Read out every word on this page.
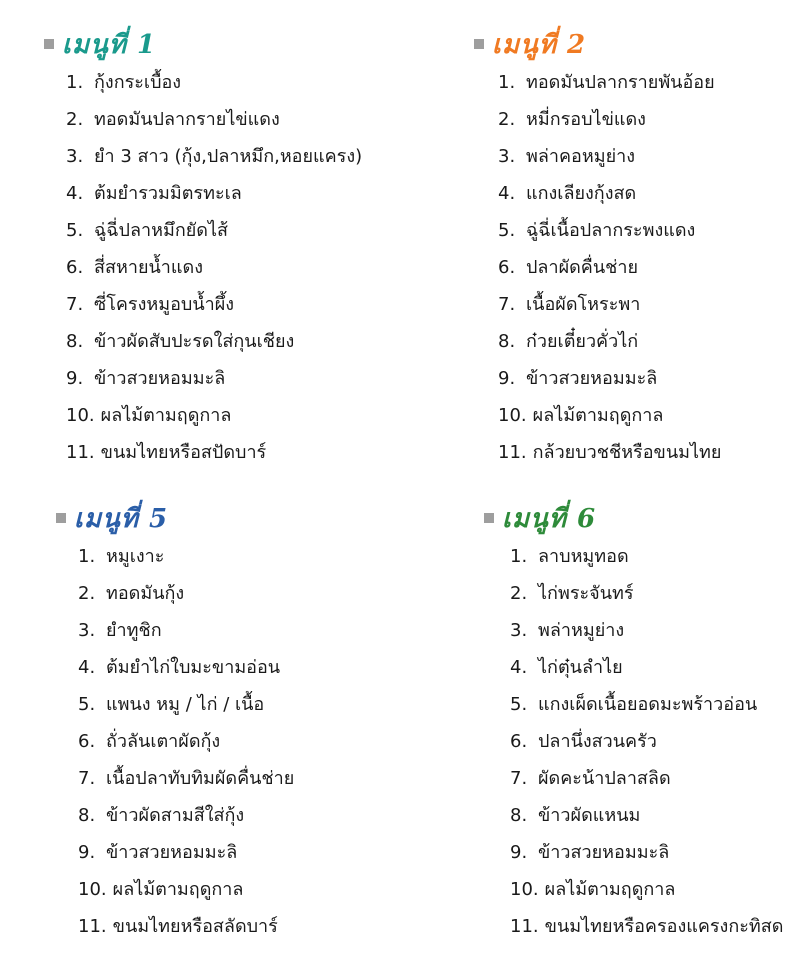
เมนูที่ 1
1. กุ้งกระเบื้อง
2. ทอดมันปลากรายไข่แดง
3. ยำ 3 สาว (กุ้ง,ปลาหมึก,หอยแครง)
4. ต้มยำรวมมิตรทะเล
5. ฉู่ฉี่ปลาหมึกยัดไส้
6. สี่สหายน้ำแดง
7. ซี่โครงหมูอบน้ำผึ้ง
8. ข้าวผัดสับปะรดใส่กุนเชียง
9. ข้าวสวยหอมมะลิ
10. ผลไม้ตามฤดูกาล
11. ขนมไทยหรือสปัดบาร์
เมนูที่ 2
1. ทอดมันปลากรายพันอ้อย
2. หมี่กรอบไข่แดง
3. พล่าคอหมูย่าง
4. แกงเลียงกุ้งสด
5. ฉู่ฉี่เนื้อปลากระพงแดง
6. ปลาผัดคื่นช่าย
7. เนื้อผัดโหระพา
8. ก๋วยเตี๋ยวคั่วไก่
9. ข้าวสวยหอมมะลิ
10. ผลไม้ตามฤดูกาล
11. กล้วยบวชชีหรือขนมไทย
เมนูที่ 5
1. หมูเงาะ
2. ทอดมันกุ้ง
3. ยำทูชิก
4. ต้มยำไก่ใบมะขามอ่อน
5. แพนง หมู / ไก่ / เนื้อ
6. ถั่วลันเตาผัดกุ้ง
7. เนื้อปลาทับทิมผัดคื่นช่าย
8. ข้าวผัดสามสีใส่กุ้ง
9. ข้าวสวยหอมมะลิ
10. ผลไม้ตามฤดูกาล
11. ขนมไทยหรือสลัดบาร์
เมนูที่ 6
1. ลาบหมูทอด
2. ไก่พระจันทร์
3. พล่าหมูย่าง
4. ไก่ตุ๋นลำไย
5. แกงเผ็ดเนื้อยอดมะพร้าวอ่อน
6. ปลานึ่งสวนครัว
7. ผัดคะน้าปลาสลิด
8. ข้าวผัดแหนม
9. ข้าวสวยหอมมะลิ
10. ผลไม้ตามฤดูกาล
11. ขนมไทยหรือครองแครงกะทิสด
